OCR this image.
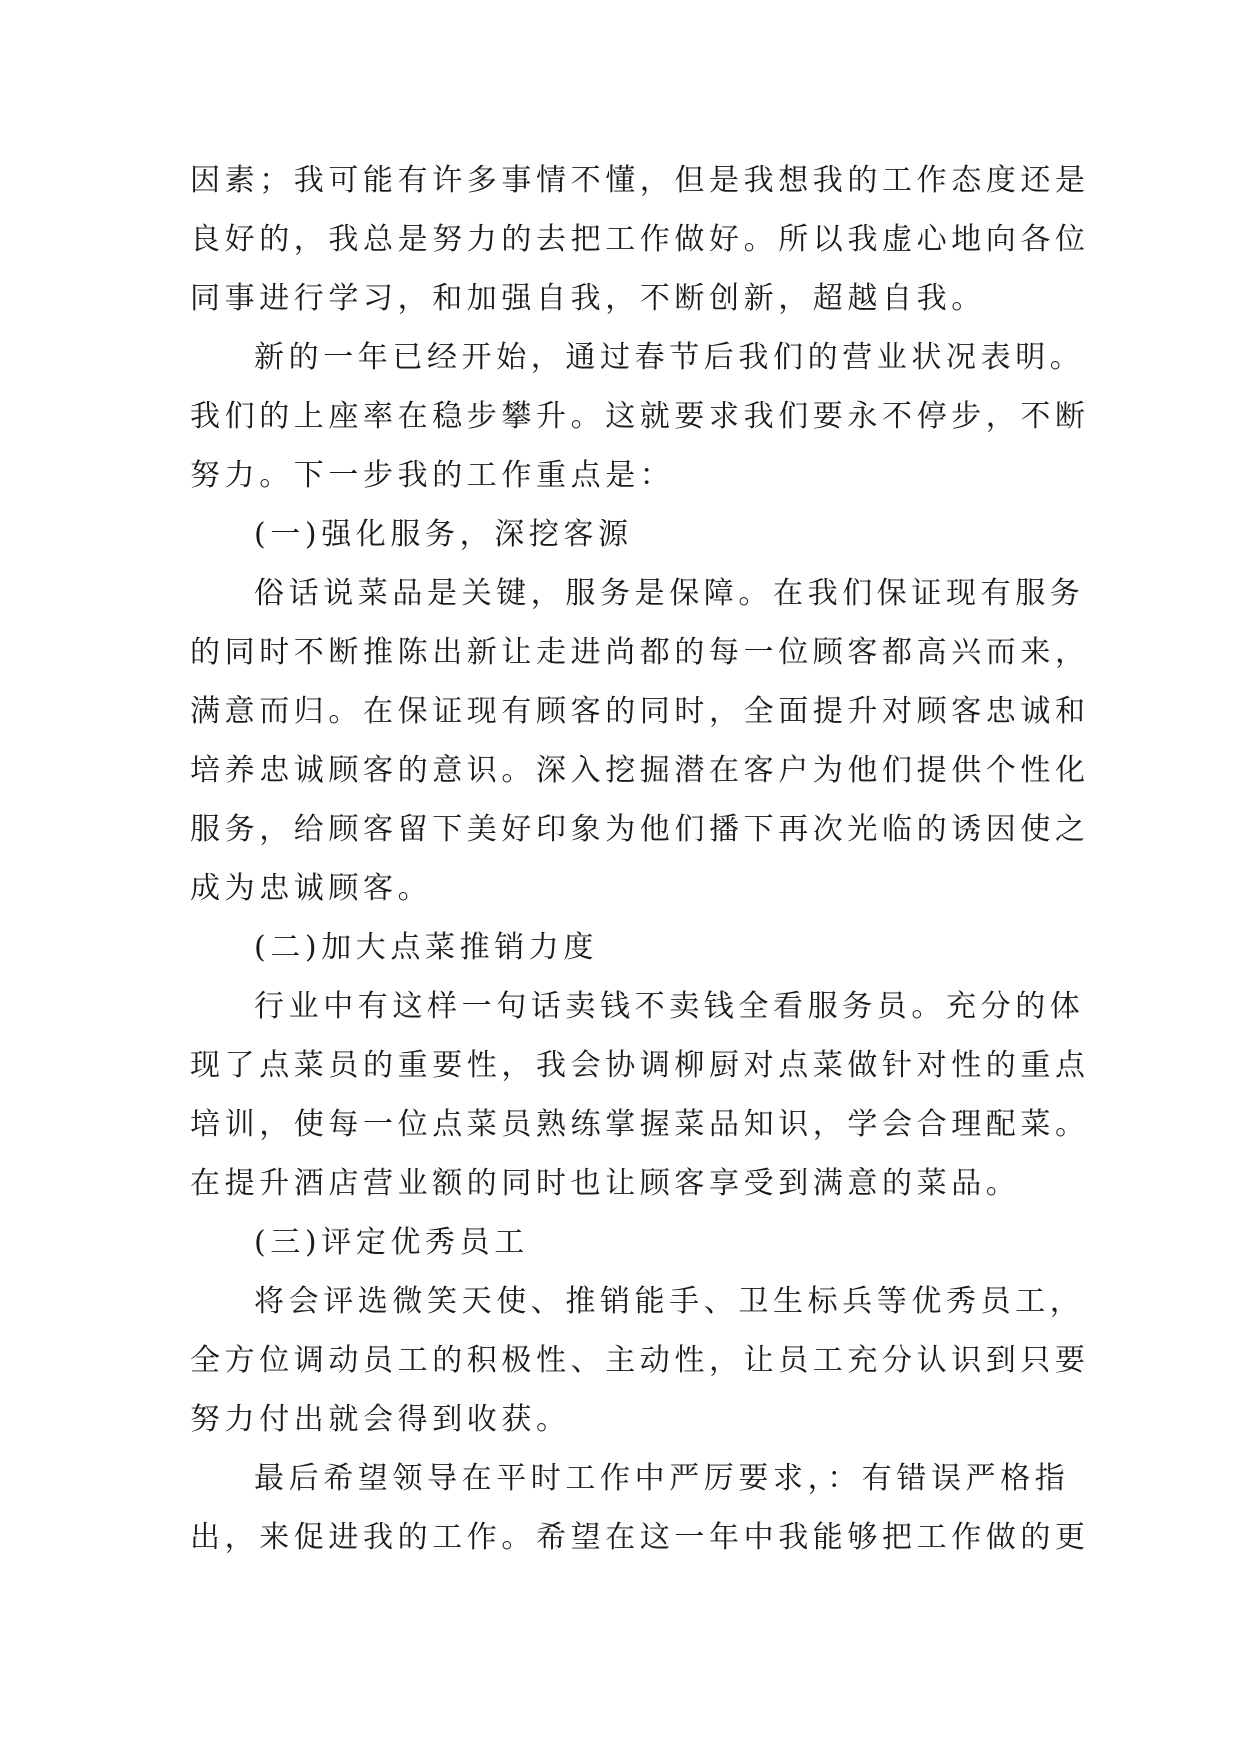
因素；我可能有许多事情不懂，但是我想我的工作态度还是

良好的，我总是努力的去把工作做好。所以我虚心地向各位

同事进行学习，和加强自我，不断创新，超越自我。

新的一年已经开始，通过春节后我们的营业状况表明。

我们的上座率在稳步攀升。这就要求我们要永不停步，不断

努力。下一步我的工作重点是：

(一)强化服务，深挖客源

俗话说菜品是关键，服务是保障。在我们保证现有服务

的同时不断推陈出新让走进尚都的每一位顾客都高兴而来，

满意而归。在保证现有顾客的同时，全面提升对顾客忠诚和

培养忠诚顾客的意识。深入挖掘潜在客户为他们提供个性化

服务，给顾客留下美好印象为他们播下再次光临的诱因使之

成为忠诚顾客。

(二)加大点菜推销力度

行业中有这样一句话卖钱不卖钱全看服务员。充分的体

现了点菜员的重要性，我会协调柳厨对点菜做针对性的重点

培训，使每一位点菜员熟练掌握菜品知识，学会合理配菜。

在提升酒店营业额的同时也让顾客享受到满意的菜品。

(三)评定优秀员工

将会评选微笑天使、推销能手、卫生标兵等优秀员工，

全方位调动员工的积极性、主动性，让员工充分认识到只要

努力付出就会得到收获。

最后希望领导在平时工作中严厉要求，：有错误严格指

出，来促进我的工作。希望在这一年中我能够把工作做的更
